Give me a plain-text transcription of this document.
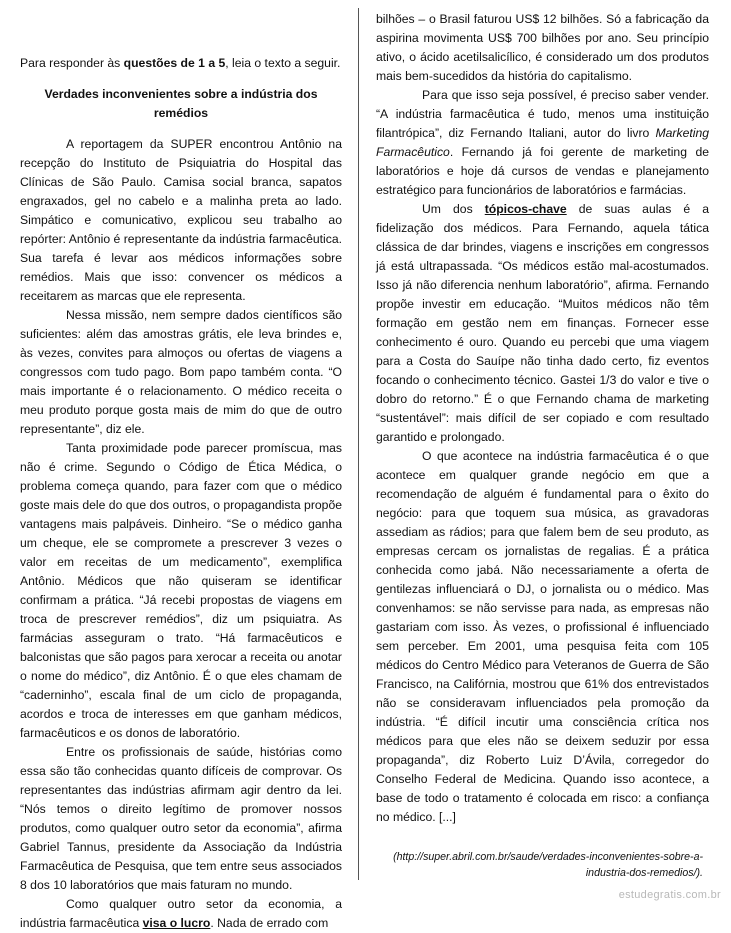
Para responder às questões de 1 a 5, leia o texto a seguir.

Verdades inconvenientes sobre a indústria dos remédios

A reportagem da SUPER encontrou Antônio na recepção do Instituto de Psiquiatria do Hospital das Clínicas de São Paulo. Camisa social branca, sapatos engraxados, gel no cabelo e a malinha preta ao lado. Simpático e comunicativo, explicou seu trabalho ao repórter: Antônio é representante da indústria farmacêutica. Sua tarefa é levar aos médicos informações sobre remédios. Mais que isso: convencer os médicos a receitarem as marcas que ele representa.

Nessa missão, nem sempre dados científicos são suficientes: além das amostras grátis, ele leva brindes e, às vezes, convites para almoços ou ofertas de viagens a congressos com tudo pago. Bom papo também conta. “O mais importante é o relacionamento. O médico receita o meu produto porque gosta mais de mim do que de outro representante”, diz ele.

Tanta proximidade pode parecer promíscua, mas não é crime. Segundo o Código de Ética Médica, o problema começa quando, para fazer com que o médico goste mais dele do que dos outros, o propagandista propõe vantagens mais palpáveis. Dinheiro. “Se o médico ganha um cheque, ele se compromete a prescrever 3 vezes o valor em receitas de um medicamento”, exemplifica Antônio. Médicos que não quiseram se identificar confirmam a prática. “Já recebi propostas de viagens em troca de prescrever remédios”, diz um psiquiatra. As farmácias asseguram o trato. “Há farmacêuticos e balconistas que são pagos para xerocar a receita ou anotar o nome do médico”, diz Antônio. É o que eles chamam de “caderninho”, escala final de um ciclo de propaganda, acordos e troca de interesses em que ganham médicos, farmacêuticos e os donos de laboratório.

Entre os profissionais de saúde, histórias como essa são tão conhecidas quanto difíceis de comprovar. Os representantes das indústrias afirmam agir dentro da lei. “Nós temos o direito legítimo de promover nossos produtos, como qualquer outro setor da economia”, afirma Gabriel Tannus, presidente da Associação da Indústria Farmacêutica de Pesquisa, que tem entre seus associados 8 dos 10 laboratórios que mais faturam no mundo.

Como qualquer outro setor da economia, a indústria farmacêutica visa o lucro. Nada de errado com

bilhões – o Brasil faturou US$ 12 bilhões. Só a fabricação da aspirina movimenta US$ 700 bilhões por ano. Seu princípio ativo, o ácido acetilsalicílico, é considerado um dos produtos mais bem-sucedidos da história do capitalismo.

Para que isso seja possível, é preciso saber vender. “A indústria farmacêutica é tudo, menos uma instituição filantrópica”, diz Fernando Italiani, autor do livro Marketing Farmacêutico. Fernando já foi gerente de marketing de laboratórios e hoje dá cursos de vendas e planejamento estratégico para funcionários de laboratórios e farmácias.

Um dos tópicos-chave de suas aulas é a fidelização dos médicos. Para Fernando, aquela tática clássica de dar brindes, viagens e inscrições em congressos já está ultrapassada. “Os médicos estão mal-acostumados. Isso já não diferencia nenhum laboratório”, afirma. Fernando propõe investir em educação. “Muitos médicos não têm formação em gestão nem em finanças. Fornecer esse conhecimento é ouro. Quando eu percebi que uma viagem para a Costa do Sauípe não tinha dado certo, fiz eventos focando o conhecimento técnico. Gastei 1/3 do valor e tive o dobro do retorno.” É o que Fernando chama de marketing “sustentável”: mais difícil de ser copiado e com resultado garantido e prolongado.

O que acontece na indústria farmacêutica é o que acontece em qualquer grande negócio em que a recomendação de alguém é fundamental para o êxito do negócio: para que toquem sua música, as gravadoras assediam as rádios; para que falem bem de seu produto, as empresas cercam os jornalistas de regalias. É a prática conhecida como jabá. Não necessariamente a oferta de gentilezas influenciará o DJ, o jornalista ou o médico. Mas convenhamos: se não servisse para nada, as empresas não gastariam com isso. Às vezes, o profissional é influenciado sem perceber. Em 2001, uma pesquisa feita com 105 médicos do Centro Médico para Veteranos de Guerra de São Francisco, na Califórnia, mostrou que 61% dos entrevistados não se consideravam influenciados pela promoção da indústria. “É difícil incutir uma consciência crítica nos médicos para que eles não se deixem seduzir por essa propaganda”, diz Roberto Luiz D’Ávila, corregedor do Conselho Federal de Medicina. Quando isso acontece, a base de todo o tratamento é colocada em risco: a confiança no médico. [...]

(http://super.abril.com.br/saude/verdades-inconvenientes-sobre-a-industria-dos-remedios/).

estudegratis.com.br
